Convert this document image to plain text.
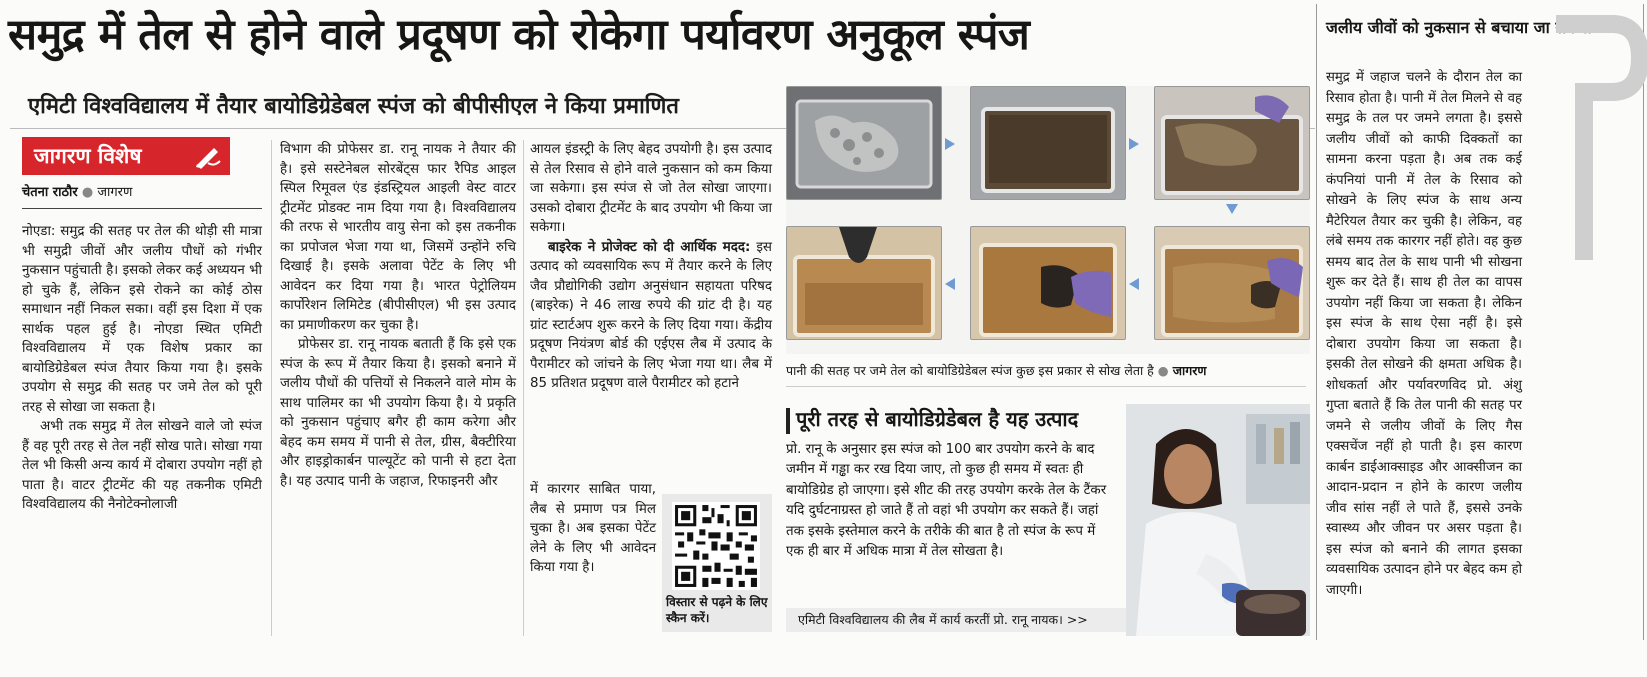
समुद्र में तेल से होने वाले प्रदूषण को रोकेगा पर्यावरण अनुकूल स्पंज
एमिटी विश्वविद्यालय में तैयार बायोडिग्रेडेबल स्पंज को बीपीसीएल ने किया प्रमाणित
जागरण विशेष
चेतना राठौर ● जागरण

नोएडा: समुद्र की सतह पर तेल की थोड़ी सी मात्रा भी समुद्री जीवों और जलीय पौधों को गंभीर नुकसान पहुंचाती है। इसको लेकर कई अध्ययन भी हो चुके हैं, लेकिन इसे रोकने का कोई ठोस समाधान नहीं निकल सका। वहीं इस दिशा में एक सार्थक पहल हुई है। नोएडा स्थित एमिटी विश्वविद्यालय में एक विशेष प्रकार का बायोडिग्रेडेबल स्पंज तैयार किया गया है। इसके उपयोग से समुद्र की सतह पर जमे तेल को पूरी तरह से सोखा जा सकता है।

अभी तक समुद्र में तेल सोखने वाले जो स्पंज हैं वह पूरी तरह से तेल नहीं सोख पाते। सोखा गया तेल भी किसी अन्य कार्य में दोबारा उपयोग नहीं हो पाता है। वाटर ट्रीटमेंट की यह तकनीक एमिटी विश्वविद्यालय की नैनोटेक्नोलाजी

विभाग की प्रोफेसर डा. रानू नायक ने तैयार की है। इसे सस्टेनेबल सोरबेंट्स फार रैपिड आइल स्पिल रिमूवल एंड इंडस्ट्रियल आइली वेस्ट वाटर ट्रीटमेंट प्रोडक्ट नाम दिया गया है। विश्वविद्यालय की तरफ से भारतीय वायु सेना को इस तकनीक का प्रपोजल भेजा गया था, जिसमें उन्होंने रुचि दिखाई है। इसके अलावा पेटेंट के लिए भी आवेदन कर दिया गया है। भारत पेट्रोलियम कार्पोरेशन लिमिटेड (बीपीसीएल) भी इस उत्पाद का प्रमाणीकरण कर चुका है।

प्रोफेसर डा. रानू नायक बताती हैं कि इसे एक स्पंज के रूप में तैयार किया है। इसको बनाने में जलीय पौधों की पत्तियों से निकलने वाले मोम के साथ पालिमर का भी उपयोग किया है। ये प्रकृति को नुकसान पहुंचाए बगैर ही काम करेगा और बेहद कम समय में पानी से तेल, ग्रीस, बैक्टीरिया और हाइड्रोकार्बन पाल्यूटेंट को पानी से हटा देता है। यह उत्पाद पानी के जहाज, रिफाइनरी और

आयल इंडस्ट्री के लिए बेहद उपयोगी है। इस उत्पाद से तेल रिसाव से होने वाले नुकसान को कम किया जा सकेगा। इस स्पंज से जो तेल सोखा जाएगा। उसको दोबारा ट्रीटमेंट के बाद उपयोग भी किया जा सकेगा।

बाइरेक ने प्रोजेक्ट को दी आर्थिक मदद: इस उत्पाद को व्यवसायिक रूप में तैयार करने के लिए जैव प्रौद्योगिकी उद्योग अनुसंधान सहायता परिषद (बाइरेक) ने 46 लाख रुपये की ग्रांट दी है। यह ग्रांट स्टार्टअप शुरू करने के लिए दिया गया। केंद्रीय प्रदूषण नियंत्रण बोर्ड की एईएस लैब में उत्पाद के पैरामीटर को जांचने के लिए भेजा गया था। लैब में 85 प्रतिशत प्रदूषण वाले पैरामीटर को हटाने

में कारगर साबित पाया, लैब से प्रमाण पत्र मिल चुका है। अब इसका पेटेंट लेने के लिए भी आवेदन किया गया है।

विस्तार से पढ़ने के लिए स्कैन करें।
पानी की सतह पर जमे तेल को बायोडिग्रेडेबल स्पंज कुछ इस प्रकार से सोख लेता है ● जागरण
पूरी तरह से बायोडिग्रेडेबल है यह उत्पाद
प्रो. रानू के अनुसार इस स्पंज को 100 बार उपयोग करने के बाद जमीन में गड्ढा कर रख दिया जाए, तो कुछ ही समय में स्वतः ही बायोडिग्रेड हो जाएगा। इसे शीट की तरह उपयोग करके तेल के टैंकर यदि दुर्घटनाग्रस्त हो जाते हैं तो वहां भी उपयोग कर सकते हैं। जहां तक इसके इस्तेमाल करने के तरीके की बात है तो स्पंज के रूप में एक ही बार में अधिक मात्रा में तेल सोखता है।
एमिटी विश्वविद्यालय की लैब में कार्य करतीं प्रो. रानू नायक। >>
जलीय जीवों को नुकसान से बचाया जा सकेगा
समुद्र में जहाज चलने के दौरान तेल का रिसाव होता है। पानी में तेल मिलने से वह समुद्र के तल पर जमने लगता है। इससे जलीय जीवों को काफी दिक्कतों का सामना करना पड़ता है। अब तक कई कंपनियां पानी में तेल के रिसाव को सोखने के लिए स्पंज के साथ अन्य मैटेरियल तैयार कर चुकी है। लेकिन, वह लंबे समय तक कारगर नहीं होते। वह कुछ समय बाद तेल के साथ पानी भी सोखना शुरू कर देते हैं। साथ ही तेल का वापस उपयोग नहीं किया जा सकता है। लेकिन इस स्पंज के साथ ऐसा नहीं है। इसे दोबारा उपयोग किया जा सकता है। इसकी तेल सोखने की क्षमता अधिक है। शोधकर्ता और पर्यावरणविद प्रो. अंशु गुप्ता बताते हैं कि तेल पानी की सतह पर जमने से जलीय जीवों के लिए गैस एक्सचेंज नहीं हो पाती है। इस कारण कार्बन डाईआक्साइड और आक्सीजन का आदान-प्रदान न होने के कारण जलीय जीव सांस नहीं ले पाते हैं, इससे उनके स्वास्थ्य और जीवन पर असर पड़ता है। इस स्पंज को बनाने की लागत इसका व्यवसायिक उत्पादन होने पर बेहद कम हो जाएगी।
